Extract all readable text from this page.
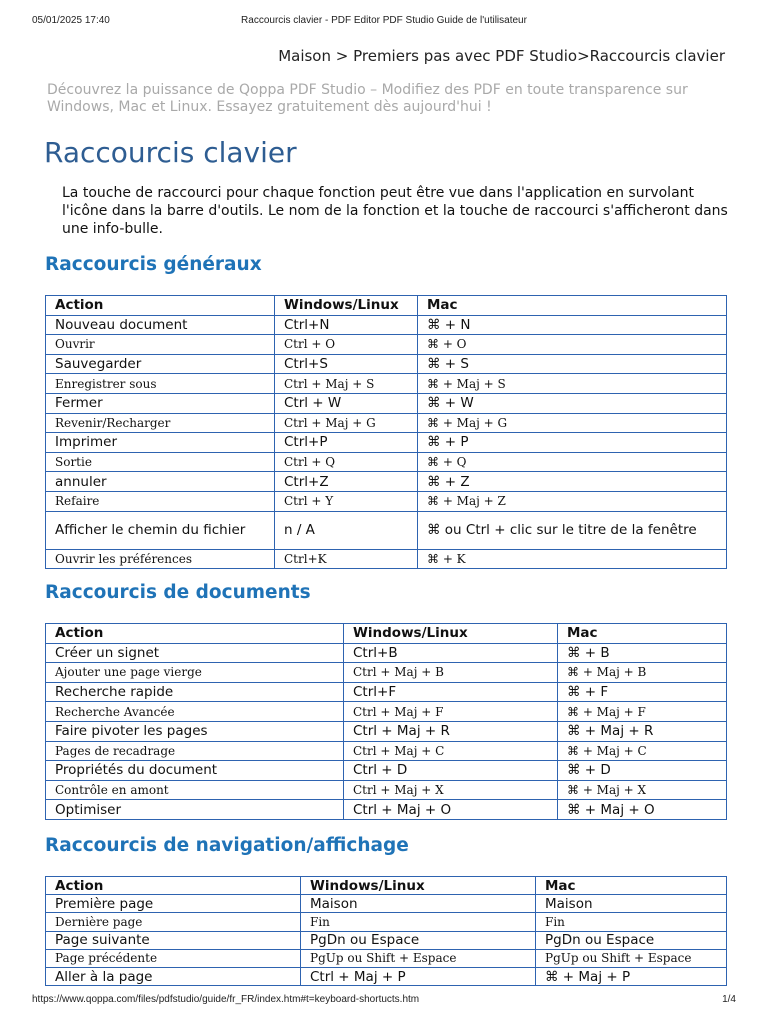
05/01/2025 17:40	Raccourcis clavier - PDF Editor PDF Studio Guide de l'utilisateur
Maison > Premiers pas avec PDF Studio>Raccourcis clavier
Découvrez la puissance de Qoppa PDF Studio – Modifiez des PDF en toute transparence sur Windows, Mac et Linux. Essayez gratuitement dès aujourd'hui !
Raccourcis clavier
La touche de raccourci pour chaque fonction peut être vue dans l'application en survolant l'icône dans la barre d'outils. Le nom de la fonction et la touche de raccourci s'afficheront dans une info-bulle.
Raccourcis généraux
Action	Windows/Linux	Mac
Nouveau document	Ctrl+N	⌘ + N
Ouvrir	Ctrl + O	⌘ + O
Sauvegarder	Ctrl+S	⌘ + S
Enregistrer sous	Ctrl + Maj + S	⌘ + Maj + S
Fermer	Ctrl + W	⌘ + W
Revenir/Recharger	Ctrl + Maj + G	⌘ + Maj + G
Imprimer	Ctrl+P	⌘ + P
Sortie	Ctrl + Q	⌘ + Q
annuler	Ctrl+Z	⌘ + Z
Refaire	Ctrl + Y	⌘ + Maj + Z
Afficher le chemin du fichier	n / A	⌘ ou Ctrl + clic sur le titre de la fenêtre
Ouvrir les préférences	Ctrl+K	⌘ + K
Raccourcis de documents
Action	Windows/Linux	Mac
Créer un signet	Ctrl+B	⌘ + B
Ajouter une page vierge	Ctrl + Maj + B	⌘ + Maj + B
Recherche rapide	Ctrl+F	⌘ + F
Recherche Avancée	Ctrl + Maj + F	⌘ + Maj + F
Faire pivoter les pages	Ctrl + Maj + R	⌘ + Maj + R
Pages de recadrage	Ctrl + Maj + C	⌘ + Maj + C
Propriétés du document	Ctrl + D	⌘ + D
Contrôle en amont	Ctrl + Maj + X	⌘ + Maj + X
Optimiser	Ctrl + Maj + O	⌘ + Maj + O
Raccourcis de navigation/affichage
Action	Windows/Linux	Mac
Première page	Maison	Maison
Dernière page	Fin	Fin
Page suivante	PgDn ou Espace	PgDn ou Espace
Page précédente	PgUp ou Shift + Espace	PgUp ou Shift + Espace
Aller à la page	Ctrl + Maj + P	⌘ + Maj + P
https://www.qoppa.com/files/pdfstudio/guide/fr_FR/index.htm#t=keyboard-shortucts.htm	1/4
